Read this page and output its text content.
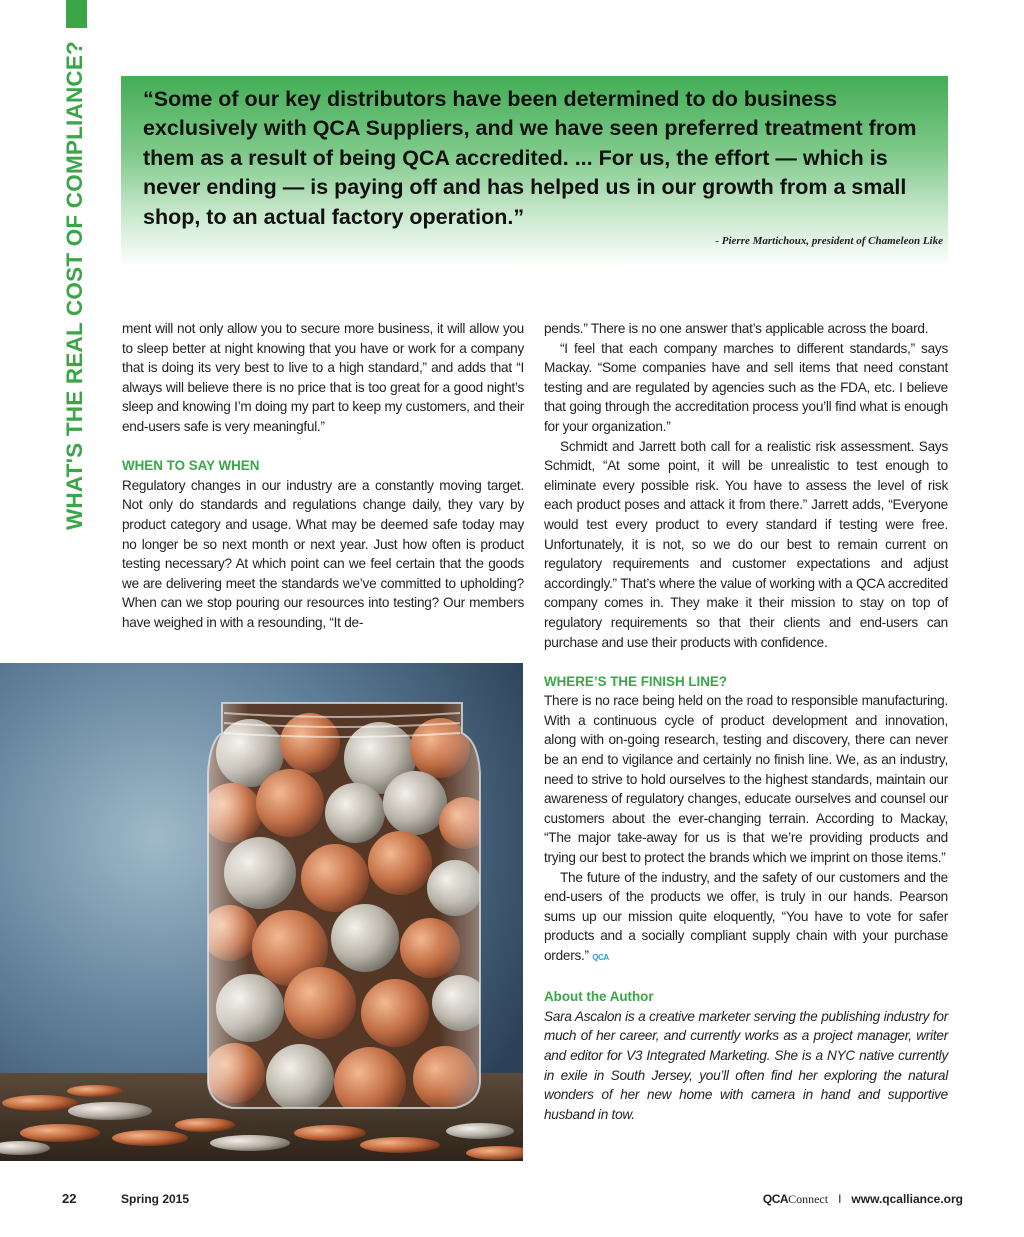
WHAT'S THE REAL COST OF COMPLIANCE?	“Some of our key distributors have been determined to do business exclusively with QCA Suppliers, and we have seen preferred treatment from them as a result of being QCA accredited. ... For us, the effort — which is never ending — is paying off and has helped us in our growth from a small shop, to an actual factory operation.”
- Pierre Martichoux, president of Chameleon Like

ment will not only allow you to secure more business, it will allow you to sleep better at night knowing that you have or work for a company that is doing its very best to live to a high standard,” and adds that “I always will believe there is no price that is too great for a good night’s sleep and knowing I’m doing my part to keep my customers, and their end-users safe is very meaningful.”

WHEN TO SAY WHEN

Regulatory changes in our industry are a constantly moving target. Not only do standards and regulations change daily, they vary by product category and usage. What may be deemed safe today may no longer be so next month or next year. Just how often is product testing necessary? At which point can we feel certain that the goods we are delivering meet the standards we’ve committed to upholding? When can we stop pouring our resources into testing? Our members have weighed in with a resounding, “It de-

pends.” There is no one answer that’s applicable across the board.

“I feel that each company marches to different standards,” says Mackay. “Some companies have and sell items that need constant testing and are regulated by agencies such as the FDA, etc. I believe that going through the accreditation process you’ll find what is enough for your organization.”

Schmidt and Jarrett both call for a realistic risk assessment. Says Schmidt, “At some point, it will be unrealistic to test enough to eliminate every possible risk. You have to assess the level of risk each product poses and attack it from there.” Jarrett adds, “Everyone would test every product to every standard if testing were free. Unfortunately, it is not, so we do our best to remain current on regulatory requirements and customer expectations and adjust accordingly.” That’s where the value of working with a QCA accredited company comes in. They make it their mission to stay on top of regulatory requirements so that their clients and end-users can purchase and use their products with confidence.

WHERE’S THE FINISH LINE?

There is no race being held on the road to responsible manufacturing. With a continuous cycle of product development and innovation, along with on-going research, testing and discovery, there can never be an end to vigilance and certainly no finish line. We, as an industry, need to strive to hold ourselves to the highest standards, maintain our awareness of regulatory changes, educate ourselves and counsel our customers about the ever-changing terrain. According to Mackay, “The major take-away for us is that we’re providing products and trying our best to protect the brands which we imprint on those items.”

The future of the industry, and the safety of our customers and the end-users of the products we offer, is truly in our hands. Pearson sums up our mission quite eloquently, “You have to vote for safer products and a socially compliant supply chain with your purchase orders.” QCA

About the Author

Sara Ascalon is a creative marketer serving the publishing industry for much of her career, and currently works as a project manager, writer and editor for V3 Integrated Marketing. She is a NYC native currently in exile in South Jersey, you’ll often find her exploring the natural wonders of her new home with camera in hand and supportive husband in tow.

22	Spring 2015	QCAConnect I www.qcalliance.org
